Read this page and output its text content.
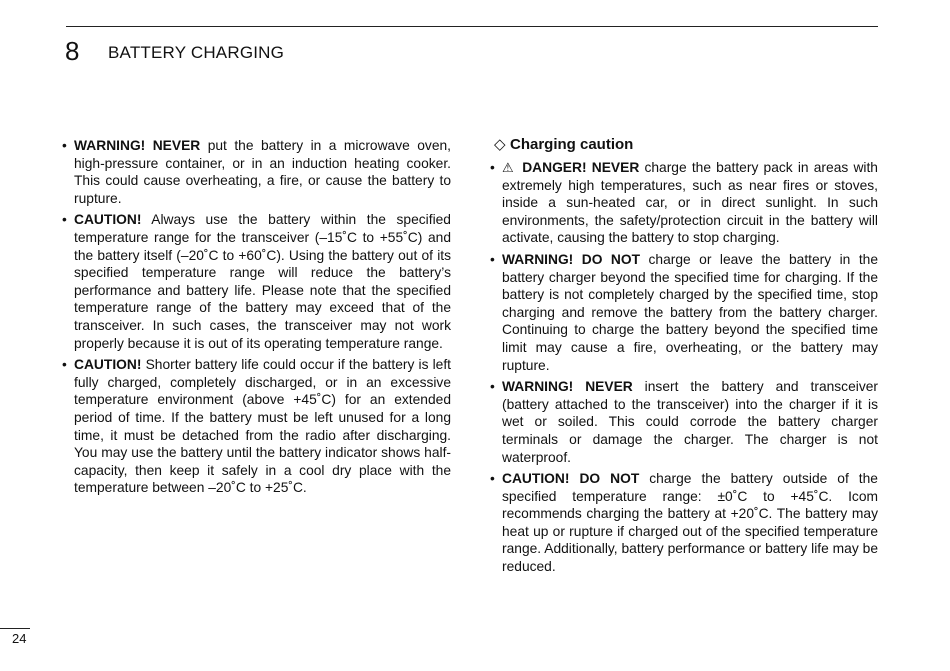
8 BATTERY CHARGING
• WARNING! NEVER put the battery in a microwave oven, high-pressure container, or in an induction heating cooker. This could cause overheating, a fire, or cause the battery to rupture.
• CAUTION! Always use the battery within the specified temperature range for the transceiver (–15˚C to +55˚C) and the battery itself (–20˚C to +60˚C). Using the battery out of its specified temperature range will reduce the battery’s performance and battery life. Please note that the specified temperature range of the battery may exceed that of the transceiver. In such cases, the transceiver may not work properly because it is out of its operating temperature range.
• CAUTION! Shorter battery life could occur if the battery is left fully charged, completely discharged, or in an excessive temperature environment (above +45˚C) for an extended period of time. If the battery must be left unused for a long time, it must be detached from the radio after discharging. You may use the battery until the battery indicator shows half-capacity, then keep it safely in a cool dry place with the temperature between –20˚C to +25˚C.
◇ Charging caution
• ⚠ DANGER! NEVER charge the battery pack in areas with extremely high temperatures, such as near fires or stoves, inside a sun-heated car, or in direct sunlight. In such environments, the safety/protection circuit in the battery will activate, causing the battery to stop charging.
• WARNING! DO NOT charge or leave the battery in the battery charger beyond the specified time for charging. If the battery is not completely charged by the specified time, stop charging and remove the battery from the battery charger. Continuing to charge the battery beyond the specified time limit may cause a fire, overheating, or the battery may rupture.
• WARNING! NEVER insert the battery and transceiver (battery attached to the transceiver) into the charger if it is wet or soiled. This could corrode the battery charger terminals or damage the charger. The charger is not waterproof.
• CAUTION! DO NOT charge the battery outside of the specified temperature range: ±0˚C to +45˚C. Icom recommends charging the battery at +20˚C. The battery may heat up or rupture if charged out of the specified temperature range. Additionally, battery performance or battery life may be reduced.
24
